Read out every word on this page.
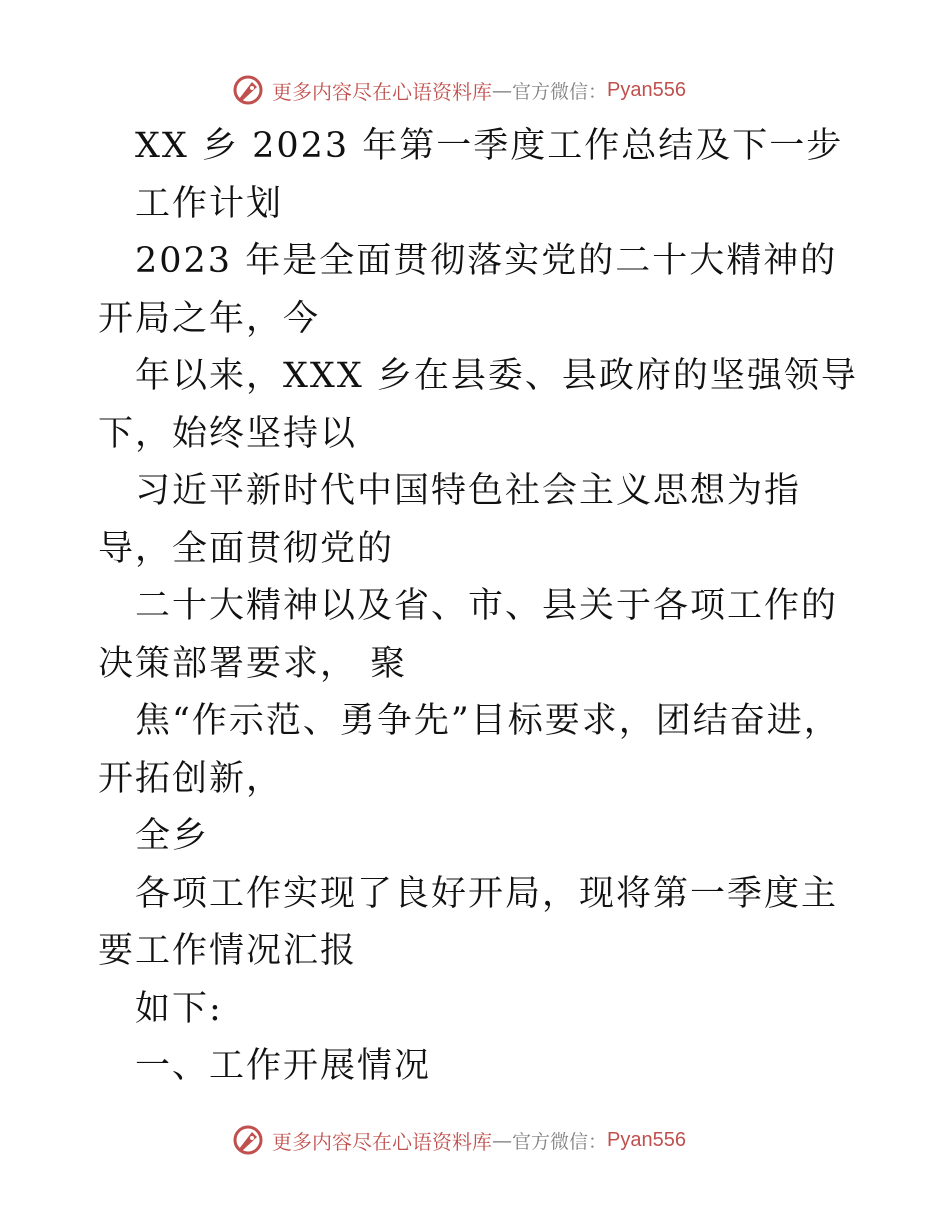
更多内容尽在心语资料库 — 官方微信： Pyan556

XX 乡 2023 年第一季度工作总结及下一步

工作计划

2023 年是全面贯彻落实党的二十大精神的开局之年，今

年以来，XXX 乡在县委、县政府的坚强领导下，始终坚持以

习近平新时代中国特色社会主义思想为指导，全面贯彻党的

二十大精神以及省、市、县关于各项工作的决策部署要求， 聚

焦“作示范、勇争先”目标要求，团结奋进，开拓创新，

全乡

各项工作实现了良好开局，现将第一季度主要工作情况汇报

如下:

一、工作开展情况

更多内容尽在心语资料库 — 官方微信： Pyan556
